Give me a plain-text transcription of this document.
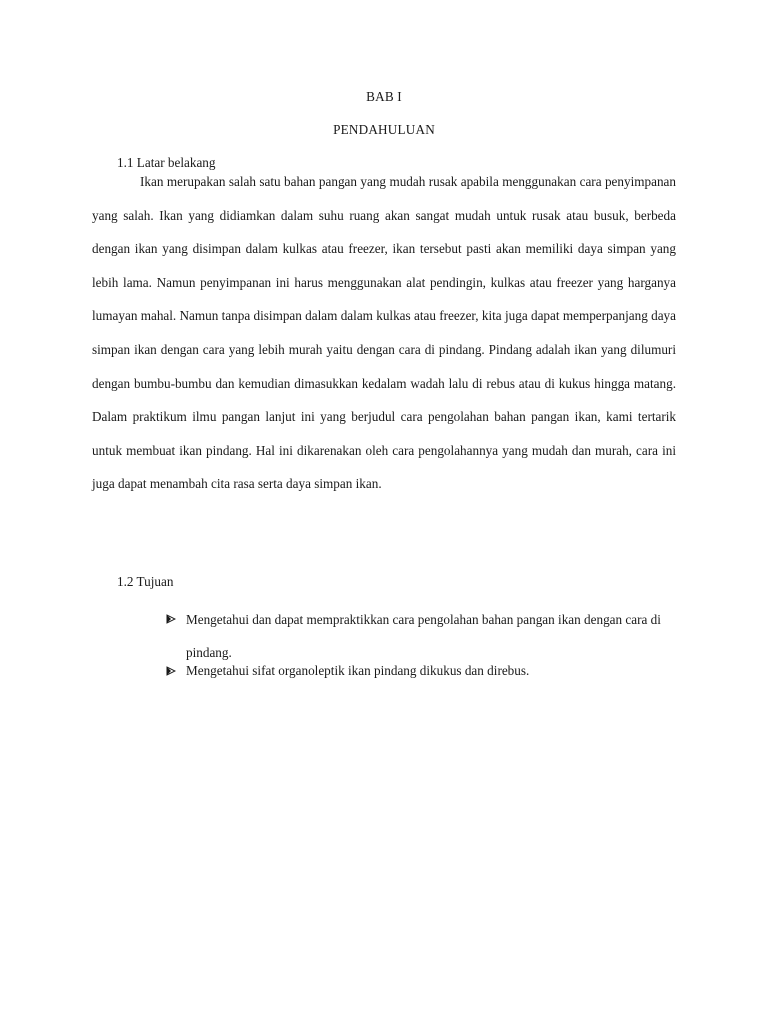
BAB I
PENDAHULUAN
1.1 Latar belakang

Ikan merupakan salah satu bahan pangan yang mudah rusak apabila menggunakan cara penyimpanan yang salah. Ikan yang didiamkan dalam suhu ruang akan sangat mudah untuk rusak atau busuk, berbeda dengan ikan yang disimpan dalam kulkas atau freezer, ikan tersebut pasti akan memiliki daya simpan yang lebih lama. Namun penyimpanan ini harus menggunakan alat pendingin, kulkas atau freezer yang harganya lumayan mahal. Namun tanpa disimpan dalam dalam kulkas atau freezer, kita juga dapat memperpanjang daya simpan ikan dengan cara yang lebih murah yaitu dengan cara di pindang. Pindang adalah ikan yang dilumuri dengan bumbu-bumbu dan kemudian dimasukkan kedalam wadah lalu di rebus atau di kukus hingga matang. Dalam praktikum ilmu pangan lanjut ini yang berjudul cara pengolahan bahan pangan ikan, kami tertarik untuk membuat ikan pindang. Hal ini dikarenakan oleh cara pengolahannya yang mudah dan murah, cara ini juga dapat menambah cita rasa serta daya simpan ikan.

1.2 Tujuan
Mengetahui dan dapat mempraktikkan cara pengolahan bahan pangan ikan dengan cara di pindang.
Mengetahui sifat organoleptik ikan pindang dikukus dan direbus.
